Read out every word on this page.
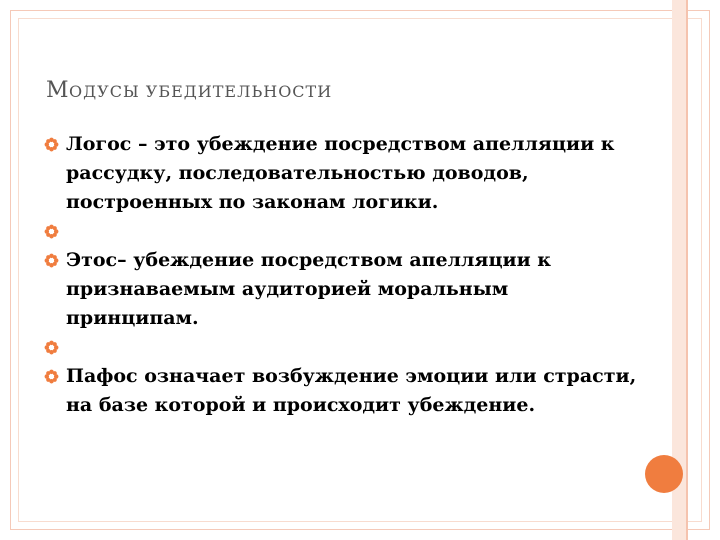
МОДУСЫ УБЕДИТЕЛЬНОСТИ
Логос – это убеждение посредством апелляции к рассудку, последовательностью доводов, построенных по законам логики.
Этос– убеждение посредством апелляции к признаваемым аудиторией моральным принципам.
Пафос означает возбуждение эмоции или страсти, на базе которой и происходит убеждение.
